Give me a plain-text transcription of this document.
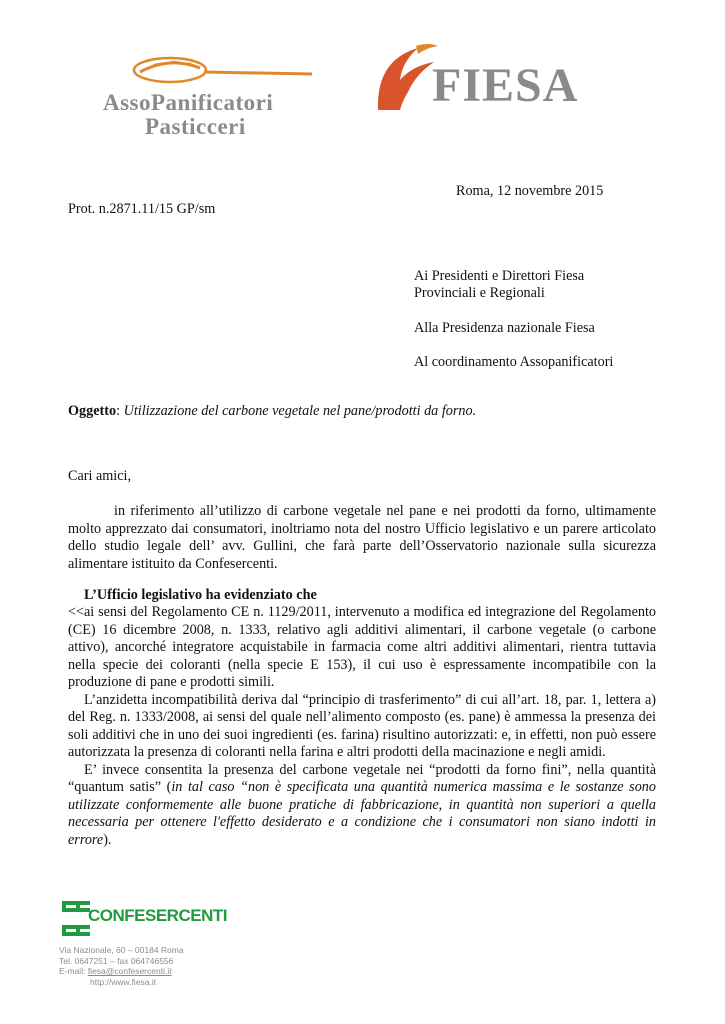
AssoPanificatori
Pasticceri
FIESA
Roma, 12 novembre 2015
Prot. n.2871.11/15 GP/sm
Ai Presidenti e Direttori Fiesa
Provinciali e Regionali
Alla Presidenza nazionale Fiesa
Al coordinamento Assopanificatori
Oggetto: Utilizzazione del carbone vegetale nel pane/prodotti da forno.
Cari amici,
in riferimento all’utilizzo di carbone vegetale nel pane e nei prodotti da forno, ultimamente molto apprezzato dai consumatori, inoltriamo nota del nostro Ufficio legislativo e un parere articolato dello studio legale dell’ avv. Gullini, che farà parte dell’Osservatorio nazionale sulla sicurezza alimentare istituito da Confesercenti.
L’Ufficio legislativo ha evidenziato che

<<ai sensi del Regolamento CE n. 1129/2011, intervenuto a modifica ed integrazione del Regolamento (CE) 16 dicembre 2008, n. 1333, relativo agli additivi alimentari, il carbone vegetale (o carbone attivo), ancorché integratore acquistabile in farmacia come altri additivi alimentari, rientra tuttavia nella specie dei coloranti (nella specie E 153), il cui uso è espressamente incompatibile con la produzione di pane e prodotti simili.

L’anzidetta incompatibilità deriva dal “principio di trasferimento” di cui all’art. 18, par. 1, lettera a) del Reg. n. 1333/2008, ai sensi del quale nell’alimento composto (es. pane) è ammessa la presenza dei soli additivi che in uno dei suoi ingredienti (es. farina) risultino autorizzati: e, in effetti, non può essere autorizzata la presenza di coloranti nella farina e altri prodotti della macinazione e negli amidi.

E’ invece consentita la presenza del carbone vegetale nei “prodotti da forno fini”, nella quantità “quantum satis” (in tal caso “non è specificata una quantità numerica massima e le sostanze sono utilizzate conformemente alle buone pratiche di fabbricazione, in quantità non superiori a quella necessaria per ottenere l'effetto desiderato e a condizione che i consumatori non siano indotti in errore).

CONFESERCENTI
Via Nazionale, 60 – 00184 Roma
Tel. 0647251 – fax 064746556
E-mail: fiesa@confesercenti.it
http://www.fiesa.it
